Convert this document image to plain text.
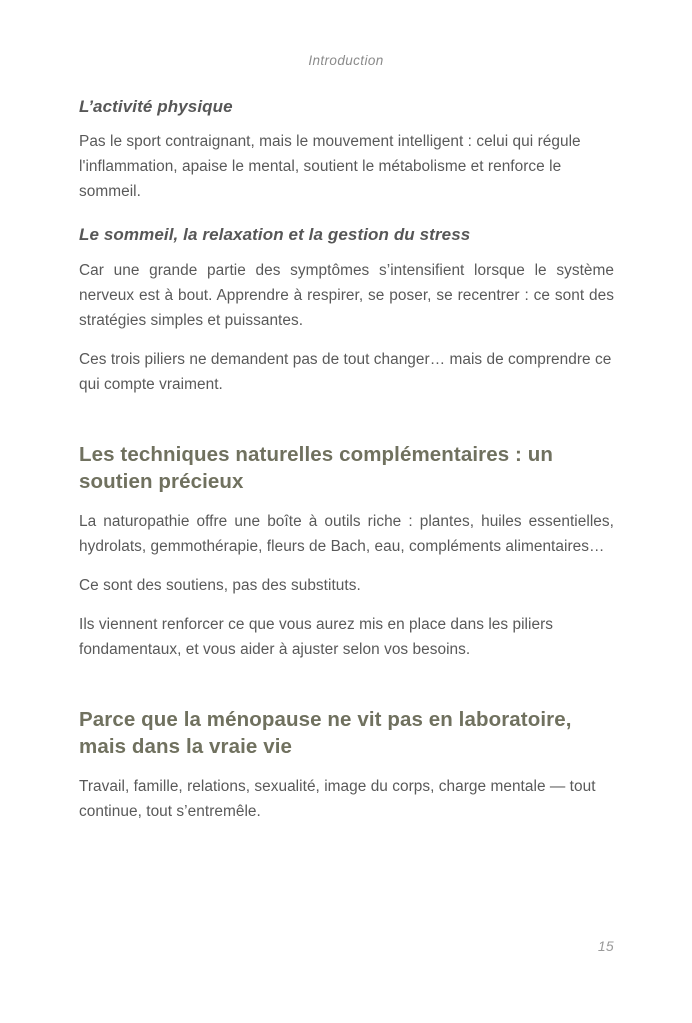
Introduction
L’activité physique

Pas le sport contraignant, mais le mouvement intelligent : celui qui régule l'inflammation, apaise le mental, soutient le métabolisme et renforce le sommeil.

Le sommeil, la relaxation et la gestion du stress

Car une grande partie des symptômes s’intensifient lorsque le système nerveux est à bout. Apprendre à respirer, se poser, se recentrer : ce sont des stratégies simples et puissantes.

Ces trois piliers ne demandent pas de tout changer… mais de comprendre ce qui compte vraiment.

Les techniques naturelles complémentaires : un soutien précieux

La naturopathie offre une boîte à outils riche : plantes, huiles essentielles, hydrolats, gemmothérapie, fleurs de Bach, eau, compléments alimentaires…

Ce sont des soutiens, pas des substituts.

Ils viennent renforcer ce que vous aurez mis en place dans les piliers fondamentaux, et vous aider à ajuster selon vos besoins.

Parce que la ménopause ne vit pas en laboratoire, mais dans la vraie vie

Travail, famille, relations, sexualité, image du corps, charge mentale — tout continue, tout s’entremêle.

15
